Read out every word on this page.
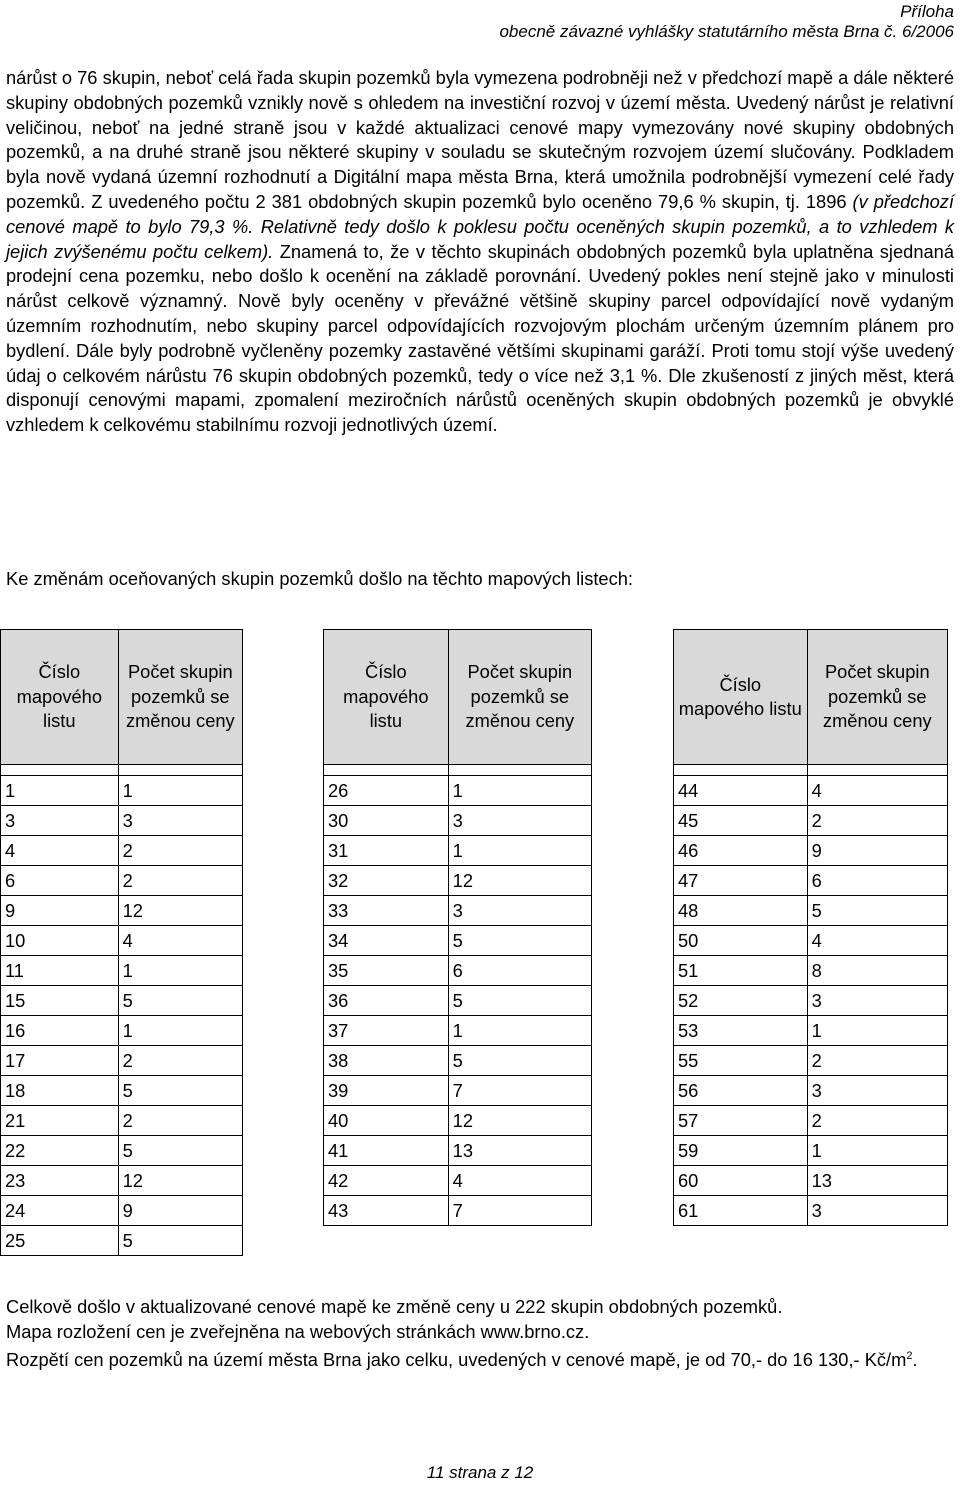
Příloha
obecně závazné vyhlášky statutárního města Brna č. 6/2006
nárůst o 76 skupin, neboť celá řada skupin pozemků byla vymezena podrobněji než v předchozí mapě a dále některé skupiny obdobných pozemků vznikly nově s ohledem na investiční rozvoj v území města. Uvedený nárůst je relativní veličinou, neboť na jedné straně jsou v každé aktualizaci cenové mapy vymezovány nové skupiny obdobných pozemků, a na druhé straně jsou některé skupiny v souladu se skutečným rozvojem území slučovány. Podkladem byla nově vydaná územní rozhodnutí a Digitální mapa města Brna, která umožnila podrobnější vymezení celé řady pozemků. Z uvedeného počtu 2 381 obdobných skupin pozemků bylo oceněno 79,6 % skupin, tj. 1896 (v předchozí cenové mapě to bylo 79,3 %. Relativně tedy došlo k poklesu počtu oceněných skupin pozemků, a to vzhledem k jejich zvýšenému počtu celkem). Znamená to, že v těchto skupinách obdobných pozemků byla uplatněna sjednaná prodejní cena pozemku, nebo došlo k ocenění na základě porovnání. Uvedený pokles není stejně jako v minulosti nárůst celkově významný. Nově byly oceněny v převážné většině skupiny parcel odpovídající nově vydaným územním rozhodnutím, nebo skupiny parcel odpovídajících rozvojovým plochám určeným územním plánem pro bydlení. Dále byly podrobně vyčleněny pozemky zastavěné většími skupinami garáží. Proti tomu stojí výše uvedený údaj o celkovém nárůstu 76 skupin obdobných pozemků, tedy o více než 3,1 %. Dle zkušeností z jiných měst, která disponují cenovými mapami, zpomalení meziročních nárůstů oceněných skupin obdobných pozemků je obvyklé vzhledem k celkovému stabilnímu rozvoji jednotlivých území.
Ke změnám oceňovaných skupin pozemků došlo na těchto mapových listech:
Číslo mapového listu	Počet skupin pozemků se změnou ceny

1	1
3	3
4	2
6	2
9	12
10	4
11	1
15	5
16	1
17	2
18	5
21	2
22	5
23	12
24	9
25	5
Číslo mapového listu	Počet skupin pozemků se změnou ceny

26	1
30	3
31	1
32	12
33	3
34	5
35	6
36	5
37	1
38	5
39	7
40	12
41	13
42	4
43	7
Číslo mapového listu	Počet skupin pozemků se změnou ceny

44	4
45	2
46	9
47	6
48	5
50	4
51	8
52	3
53	1
55	2
56	3
57	2
59	1
60	13
61	3

Celkově došlo v aktualizované cenové mapě ke změně ceny u 222 skupin obdobných pozemků.

Mapa rozložení cen je zveřejněna na webových stránkách www.brno.cz.

Rozpětí cen pozemků na území města Brna jako celku, uvedených v cenové mapě, je od 70,- do 16 130,- $Kč/m^2$.

11 strana z 12
